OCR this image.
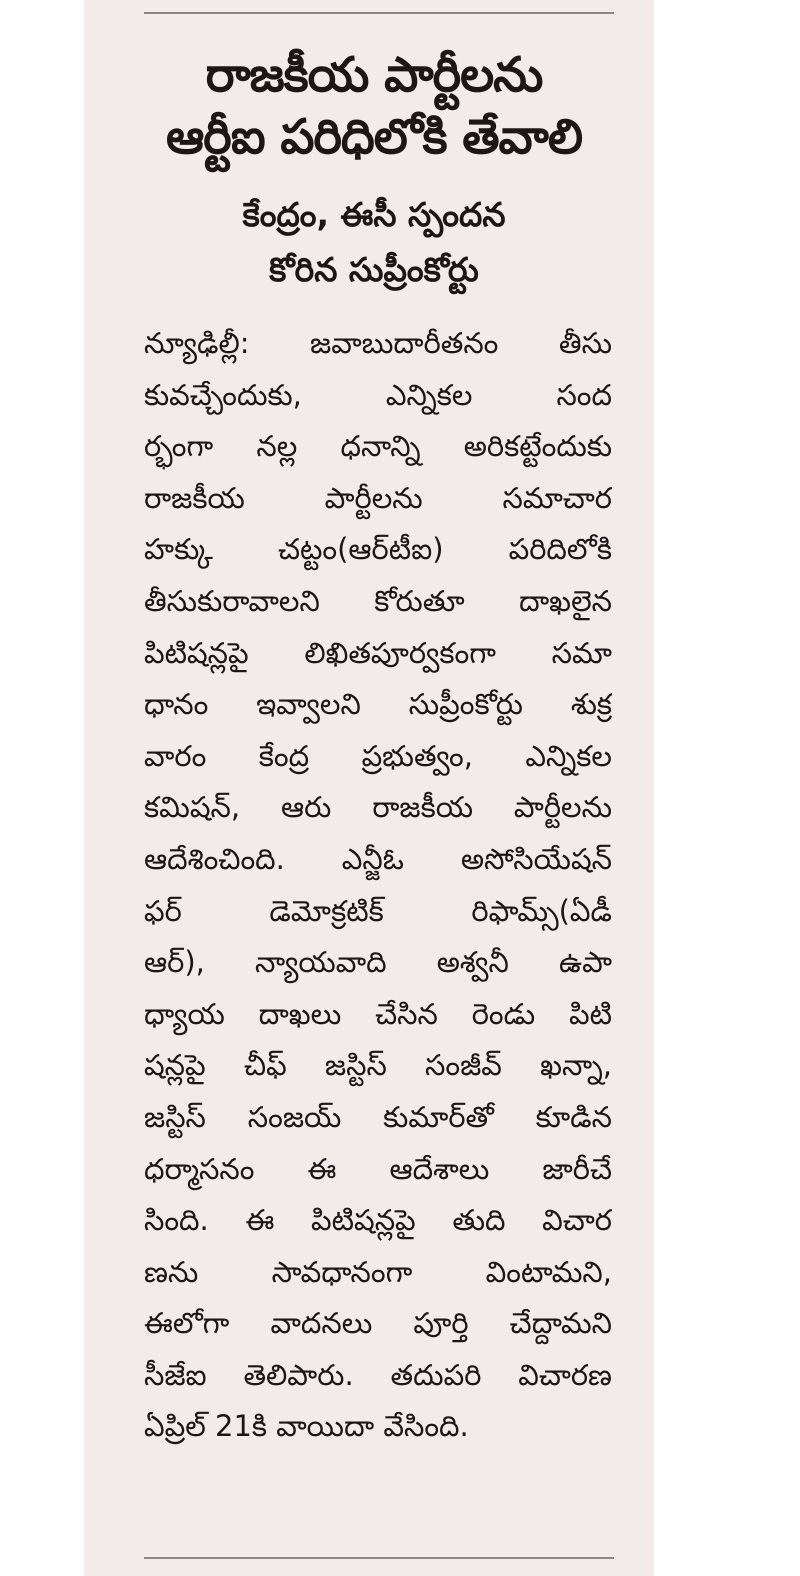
రాజకీయ పార్టీలను
ఆర్టీఐ పరిధిలోకి తేవాలి
కేంద్రం, ఈసీ స్పందన
కోరిన సుప్రీంకోర్టు
న్యూఢిల్లీ: జవాబుదారీతనం తీసు
కువచ్చేందుకు, ఎన్నికల సంద
ర్భంగా నల్ల ధనాన్ని అరికట్టేందుకు
రాజకీయ పార్టీలను సమాచార
హక్కు చట్టం(ఆర్‌టీఐ) పరిదిలోకి
తీసుకురావాలని కోరుతూ దాఖలైన
పిటిషన్లపై లిఖితపూర్వకంగా సమా
ధానం ఇవ్వాలని సుప్రీంకోర్టు శుక్ర
వారం కేంద్ర ప్రభుత్వం, ఎన్నికల
కమిషన్, ఆరు రాజకీయ పార్టీలను
ఆదేశించింది. ఎన్జీఓ అసోసియేషన్
ఫర్ డెమోక్రటిక్ రిఫామ్స్(ఏడీ
ఆర్), న్యాయవాది అశ్వనీ ఉపా
ధ్యాయ దాఖలు చేసిన రెండు పిటి
షన్లపై చీఫ్ జస్టిస్ సంజీవ్ ఖన్నా,
జస్టిస్ సంజయ్ కుమార్‌తో కూడిన
ధర్మాసనం ఈ ఆదేశాలు జారీచే
సింది. ఈ పిటిషన్లపై తుది విచార
ణను సావధానంగా వింటామని,
ఈలోగా వాదనలు పూర్తి చేద్దామని
సీజేఐ తెలిపారు. తదుపరి విచారణ
ఏప్రిల్ 21కి వాయిదా వేసింది.
